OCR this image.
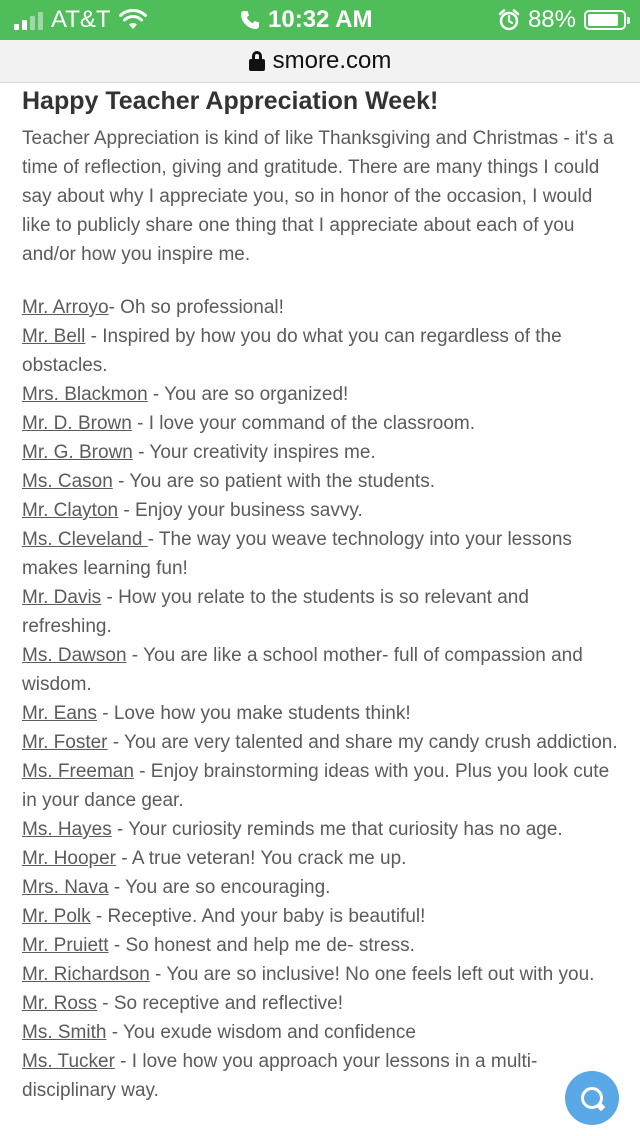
AT&T	10:32 AM	88%
smore.com
Happy Teacher Appreciation Week!

Teacher Appreciation is kind of like Thanksgiving and Christmas - it's a time of reflection, giving and gratitude. There are many things I could say about why I appreciate you, so in honor of the occasion, I would like to publicly share one thing that I appreciate about each of you and/or how you inspire me.

Mr. Arroyo- Oh so professional!

Mr. Bell - Inspired by how you do what you can regardless of the obstacles.

Mrs. Blackmon - You are so organized!

Mr. D. Brown - I love your command of the classroom.

Mr. G. Brown - Your creativity inspires me.

Ms. Cason - You are so patient with the students.

Mr. Clayton - Enjoy your business savvy.

Ms. Cleveland - The way you weave technology into your lessons makes learning fun!

Mr. Davis - How you relate to the students is so relevant and refreshing.

Ms. Dawson - You are like a school mother- full of compassion and wisdom.

Mr. Eans - Love how you make students think!

Mr. Foster - You are very talented and share my candy crush addiction.

Ms. Freeman - Enjoy brainstorming ideas with you. Plus you look cute in your dance gear.

Ms. Hayes - Your curiosity reminds me that curiosity has no age.

Mr. Hooper - A true veteran! You crack me up.

Mrs. Nava - You are so encouraging.

Mr. Polk - Receptive. And your baby is beautiful!

Mr. Pruiett - So honest and help me de- stress.

Mr. Richardson - You are so inclusive! No one feels left out with you.

Mr. Ross - So receptive and reflective!

Ms. Smith - You exude wisdom and confidence

Ms. Tucker - I love how you approach your lessons in a multi-disciplinary way.
